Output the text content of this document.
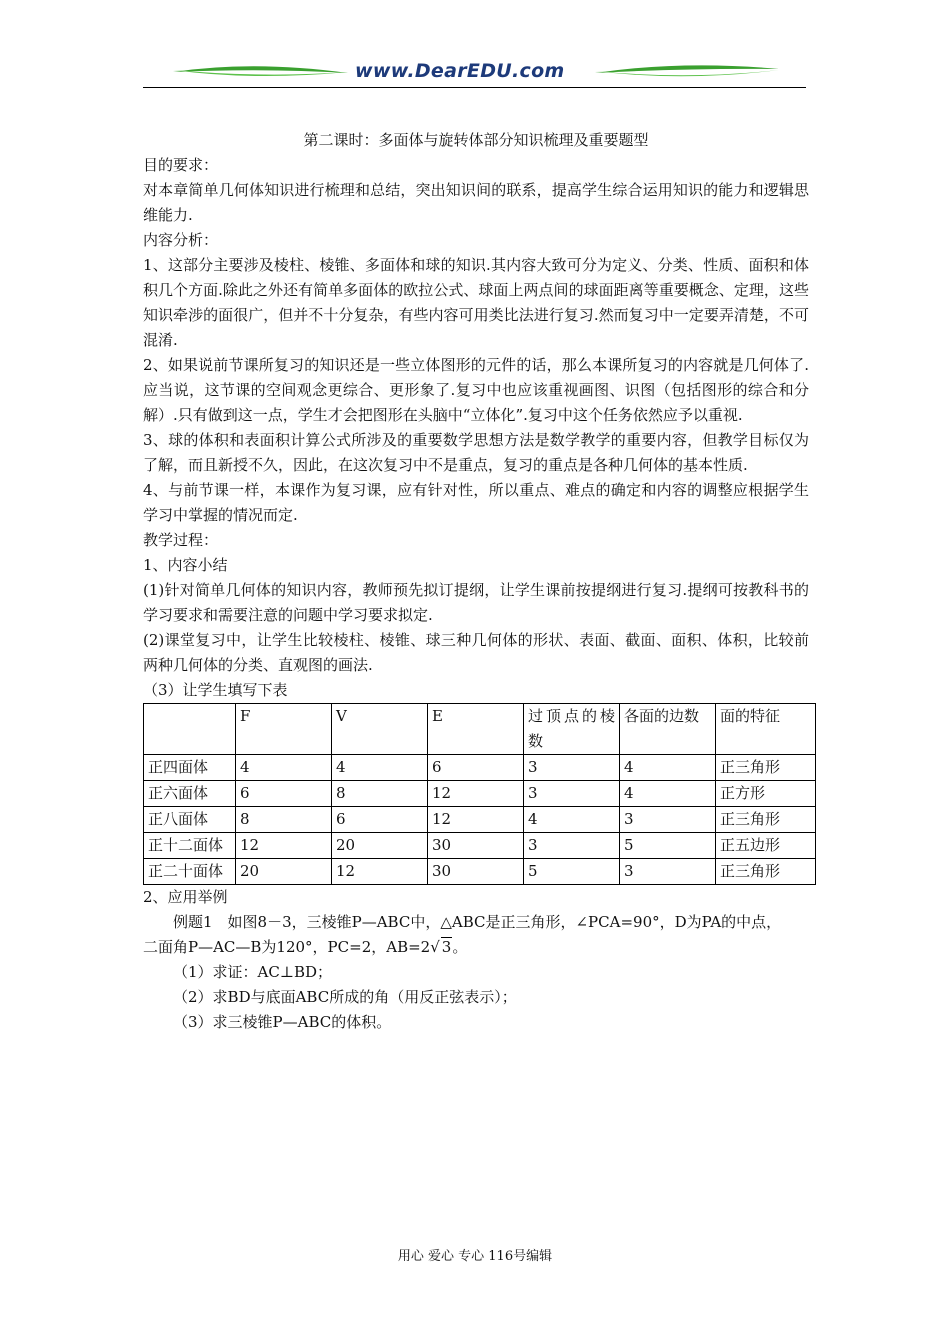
www.DearEDU.com

第二课时：多面体与旋转体部分知识梳理及重要题型

目的要求：

对本章简单几何体知识进行梳理和总结，突出知识间的联系，提高学生综合运用知识的能力和逻辑思维能力.

内容分析：

1、这部分主要涉及棱柱、棱锥、多面体和球的知识.其内容大致可分为定义、分类、性质、面积和体积几个方面.除此之外还有简单多面体的欧拉公式、球面上两点间的球面距离等重要概念、定理，这些知识牵涉的面很广，但并不十分复杂，有些内容可用类比法进行复习.然而复习中一定要弄清楚，不可混淆.

2、如果说前节课所复习的知识还是一些立体图形的元件的话，那么本课所复习的内容就是几何体了.应当说，这节课的空间观念更综合、更形象了.复习中也应该重视画图、识图（包括图形的综合和分解）.只有做到这一点，学生才会把图形在头脑中“立体化”.复习中这个任务依然应予以重视.

3、球的体积和表面积计算公式所涉及的重要数学思想方法是数学教学的重要内容，但教学目标仅为了解，而且新授不久，因此，在这次复习中不是重点，复习的重点是各种几何体的基本性质.

4、与前节课一样，本课作为复习课，应有针对性，所以重点、难点的确定和内容的调整应根据学生学习中掌握的情况而定.

教学过程：

1、内容小结

(1)针对简单几何体的知识内容，教师预先拟订提纲，让学生课前按提纲进行复习.提纲可按教科书的学习要求和需要注意的问题中学习要求拟定.

(2)课堂复习中，让学生比较棱柱、棱锥、球三种几何体的形状、表面、截面、面积、体积，比较前两种几何体的分类、直观图的画法.

（3）让学生填写下表

	F	V	E	过顶点的棱数	各面的边数	面的特征
正四面体	4	4	6	3	4	正三角形
正六面体	6	8	12	3	4	正方形
正八面体	8	6	12	4	3	正三角形
正十二面体	12	20	30	3	5	正五边形
正二十面体	20	12	30	5	3	正三角形

2、应用举例

例题1　如图8－3，三棱锥P—ABC中，△ABC是正三角形，∠PCA=90°，D为PA的中点，

二面角P—AC—B为120°，PC=2，AB=2√ 3。

（1）求证：AC⊥BD；

（2）求BD与底面ABC所成的角（用反正弦表示）；

（3）求三棱锥P—ABC的体积。

用心 爱心 专心 116号编辑
